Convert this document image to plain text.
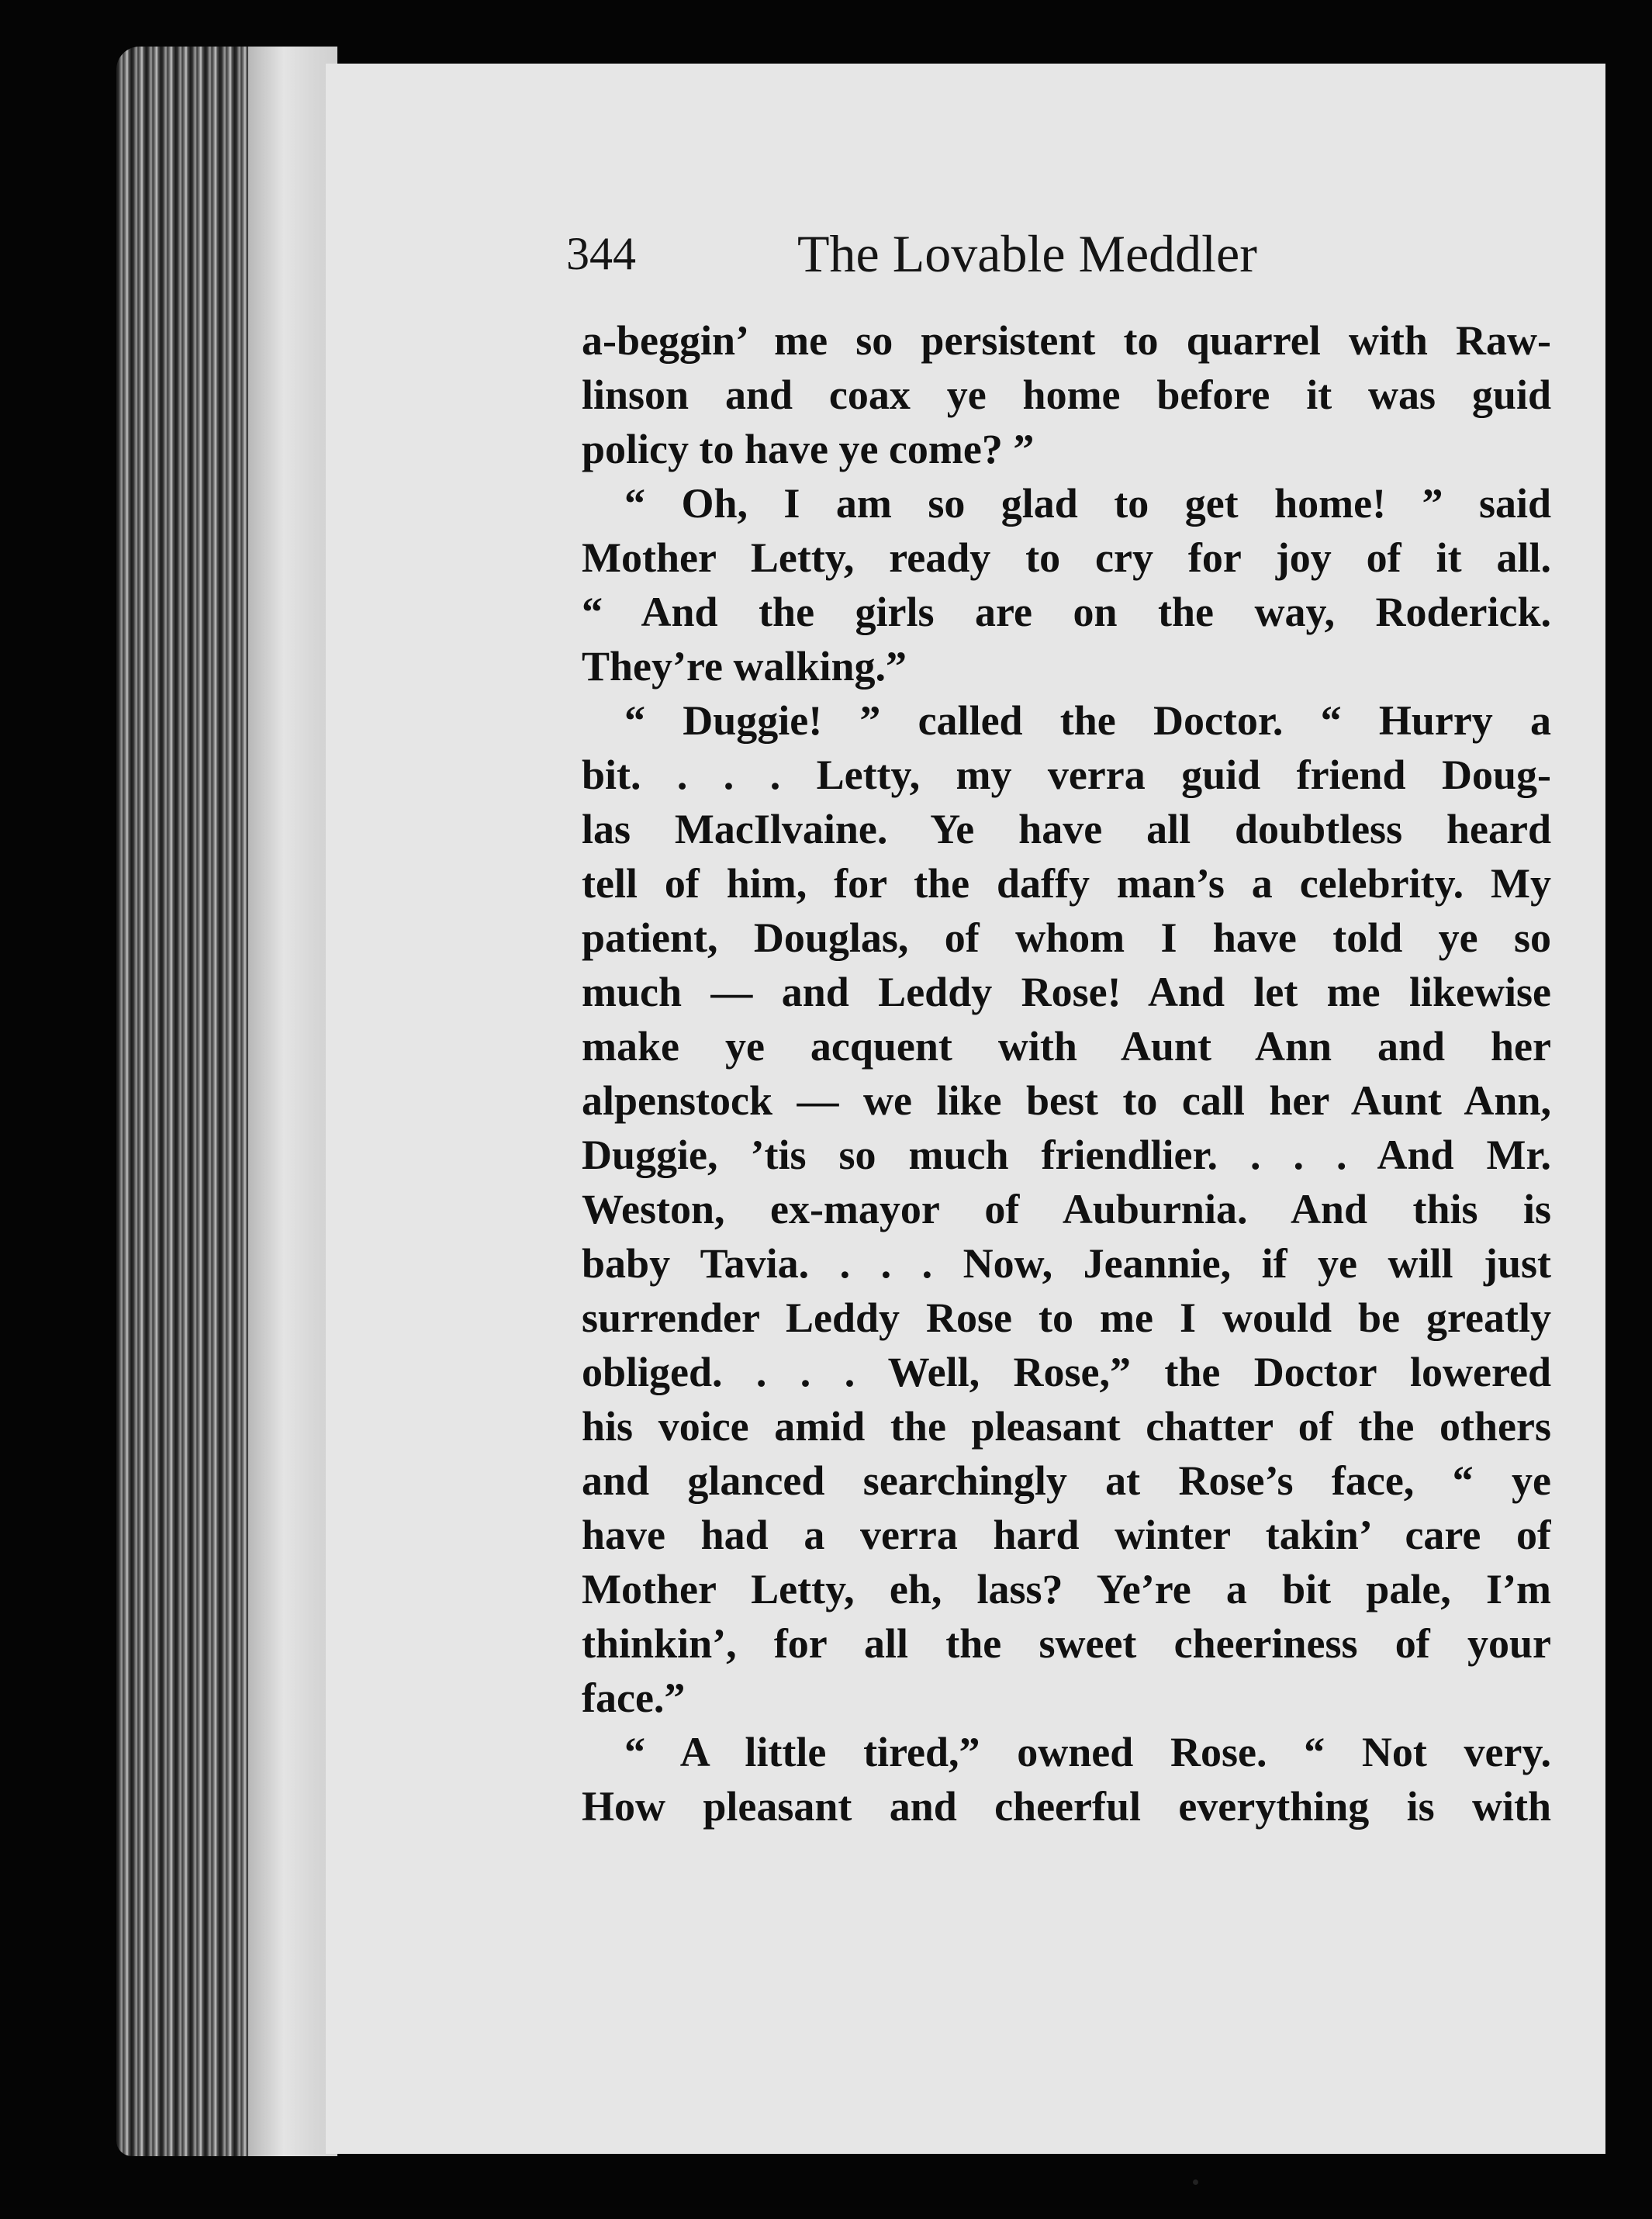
344	The Lovable Meddler
a-beggin’ me so persistent to quarrel with Raw-
linson and coax ye home before it was guid
policy to have ye come? ”
“ Oh, I am so glad to get home! ” said
Mother Letty, ready to cry for joy of it all.
“ And the girls are on the way, Roderick.
They’re walking.”
“ Duggie! ” called the Doctor. “ Hurry a
bit. . . . Letty, my verra guid friend Doug-
las MacIlvaine. Ye have all doubtless heard
tell of him, for the daffy man’s a celebrity. My
patient, Douglas, of whom I have told ye so
much — and Leddy Rose! And let me likewise
make ye acquent with Aunt Ann and her
alpenstock — we like best to call her Aunt Ann,
Duggie, ’tis so much friendlier. . . . And Mr.
Weston, ex-mayor of Auburnia. And this is
baby Tavia. . . . Now, Jeannie, if ye will just
surrender Leddy Rose to me I would be greatly
obliged. . . . Well, Rose,” the Doctor lowered
his voice amid the pleasant chatter of the others
and glanced searchingly at Rose’s face, “ ye
have had a verra hard winter takin’ care of
Mother Letty, eh, lass? Ye’re a bit pale, I’m
thinkin’, for all the sweet cheeriness of your
face.”
“ A little tired,” owned Rose. “ Not very.
How pleasant and cheerful everything is with
